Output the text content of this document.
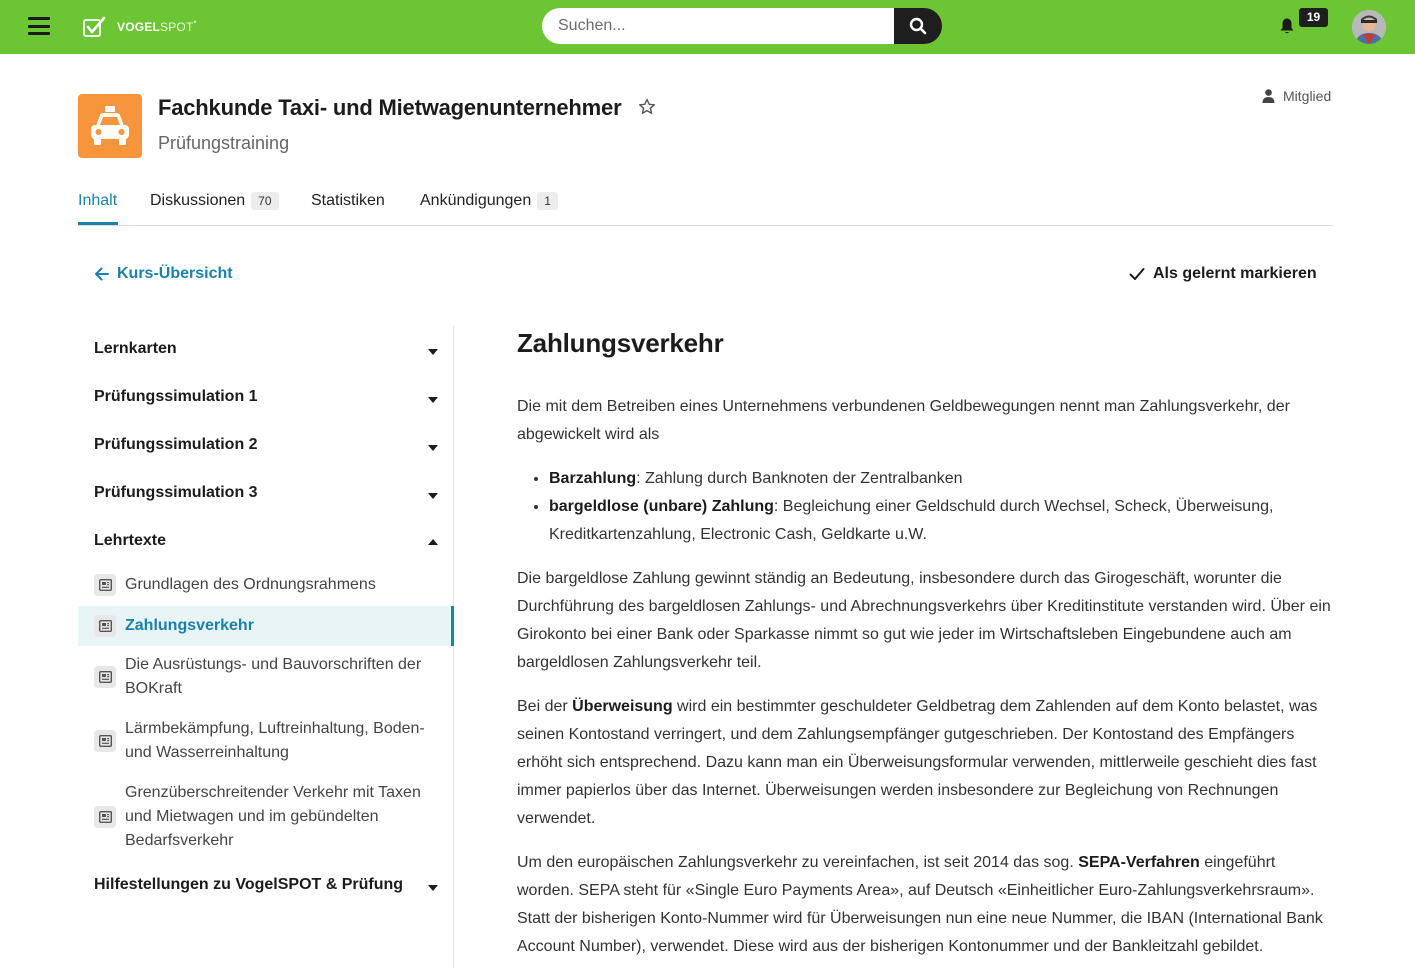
VOGELSPOT°
Suchen...
19
Fachkunde Taxi- und Mietwagenunternehmer
Prüfungstraining
Mitglied
Inhalt Diskussionen	70	Statistiken Ankündigungen	1
Kurs-Übersicht	Als gelernt markieren
Lernkarten
Prüfungssimulation 1
Prüfungssimulation 2
Prüfungssimulation 3
Lehrtexte
Grundlagen des Ordnungsrahmens
Zahlungsverkehr
Die Ausrüstungs- und Bauvorschriften der BOKraft
Lärmbekämpfung, Luftreinhaltung, Boden- und Wasserreinhaltung
Grenzüberschreitender Verkehr mit Taxen und Mietwagen und im gebündelten Bedarfsverkehr
Hilfestellungen zu VogelSPOT & Prüfung
Zahlungsverkehr

Die mit dem Betreiben eines Unternehmens verbundenen Geldbewegungen nennt man Zahlungsverkehr, der abgewickelt wird als

• Barzahlung: Zahlung durch Banknoten der Zentralbanken
• bargeldlose (unbare) Zahlung: Begleichung einer Geldschuld durch Wechsel, Scheck, Überweisung, Kreditkartenzahlung, Electronic Cash, Geldkarte u.W.

Die bargeldlose Zahlung gewinnt ständig an Bedeutung, insbesondere durch das Girogeschäft, worunter die Durchführung des bargeldlosen Zahlungs- und Abrechnungsverkehrs über Kreditinstitute verstanden wird. Über ein Girokonto bei einer Bank oder Sparkasse nimmt so gut wie jeder im Wirtschaftsleben Eingebundene auch am bargeldlosen Zahlungsverkehr teil.

Bei der Überweisung wird ein bestimmter geschuldeter Geldbetrag dem Zahlenden auf dem Konto belastet, was seinen Kontostand verringert, und dem Zahlungsempfänger gutgeschrieben. Der Kontostand des Empfängers erhöht sich entsprechend. Dazu kann man ein Überweisungsformular verwenden, mittlerweile geschieht dies fast immer papierlos über das Internet. Überweisungen werden insbesondere zur Begleichung von Rechnungen verwendet.

Um den europäischen Zahlungsverkehr zu vereinfachen, ist seit 2014 das sog. SEPA-Verfahren eingeführt worden. SEPA steht für «Single Euro Payments Area», auf Deutsch «Einheitlicher Euro-Zahlungsverkehrsraum». Statt der bisherigen Konto-Nummer wird für Überweisungen nun eine neue Nummer, die IBAN (International Bank Account Number), verwendet. Diese wird aus der bisherigen Kontonummer und der Bankleitzahl gebildet.
